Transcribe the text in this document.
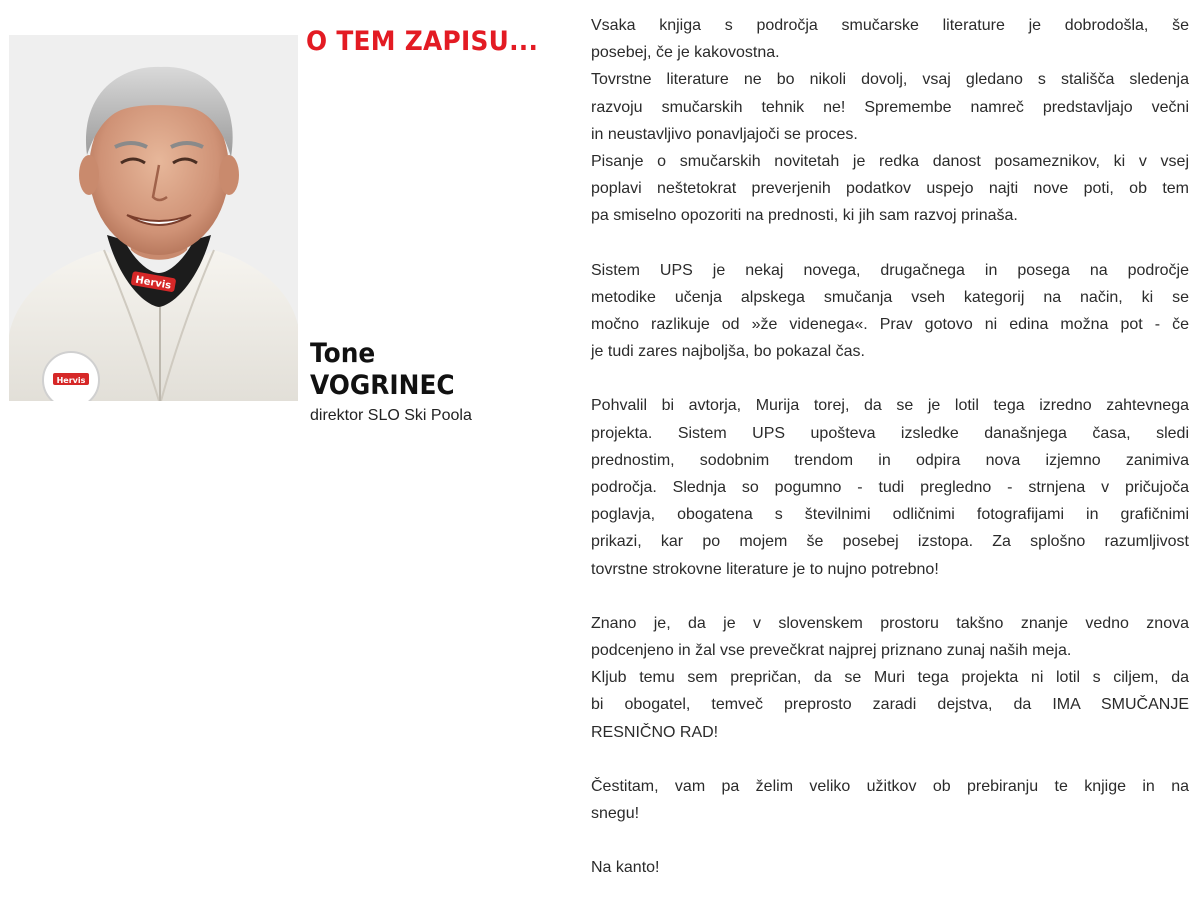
Hervis
Hervis
O TEM ZAPISU...
Tone
VOGRINEC
direktor SLO Ski Poola

Vsaka knjiga s področja smučarske literature je dobrodošla, še
posebej, če je kakovostna.
Tovrstne literature ne bo nikoli dovolj, vsaj gledano s stališča sledenja
razvoju smučarskih tehnik ne! Spremembe namreč predstavljajo večni
in neustavljivo ponavljajoči se proces.
Pisanje o smučarskih novitetah je redka danost posameznikov, ki v vsej
poplavi neštetokrat preverjenih podatkov uspejo najti nove poti, ob tem
pa smiselno opozoriti na prednosti, ki jih sam razvoj prinaša.

Sistem UPS je nekaj novega, drugačnega in posega na področje
metodike učenja alpskega smučanja vseh kategorij na način, ki se
močno razlikuje od »že videnega«. Prav gotovo ni edina možna pot - če
je tudi zares najboljša, bo pokazal čas.

Pohvalil bi avtorja, Murija torej, da se je lotil tega izredno zahtevnega
projekta. Sistem UPS upošteva izsledke današnjega časa, sledi
prednostim, sodobnim trendom in odpira nova izjemno zanimiva
področja. Slednja so pogumno - tudi pregledno - strnjena v pričujoča
poglavja, obogatena s številnimi odličnimi fotografijami in grafičnimi
prikazi, kar po mojem še posebej izstopa. Za splošno razumljivost
tovrstne strokovne literature je to nujno potrebno!

Znano je, da je v slovenskem prostoru takšno znanje vedno znova
podcenjeno in žal vse prevečkrat najprej priznano zunaj naših meja.
Kljub temu sem prepričan, da se Muri tega projekta ni lotil s ciljem, da
bi obogatel, temveč preprosto zaradi dejstva, da IMA SMUČANJE
RESNIČNO RAD!

Čestitam, vam pa želim veliko užitkov ob prebiranju te knjige in na
snegu!

Na kanto!
